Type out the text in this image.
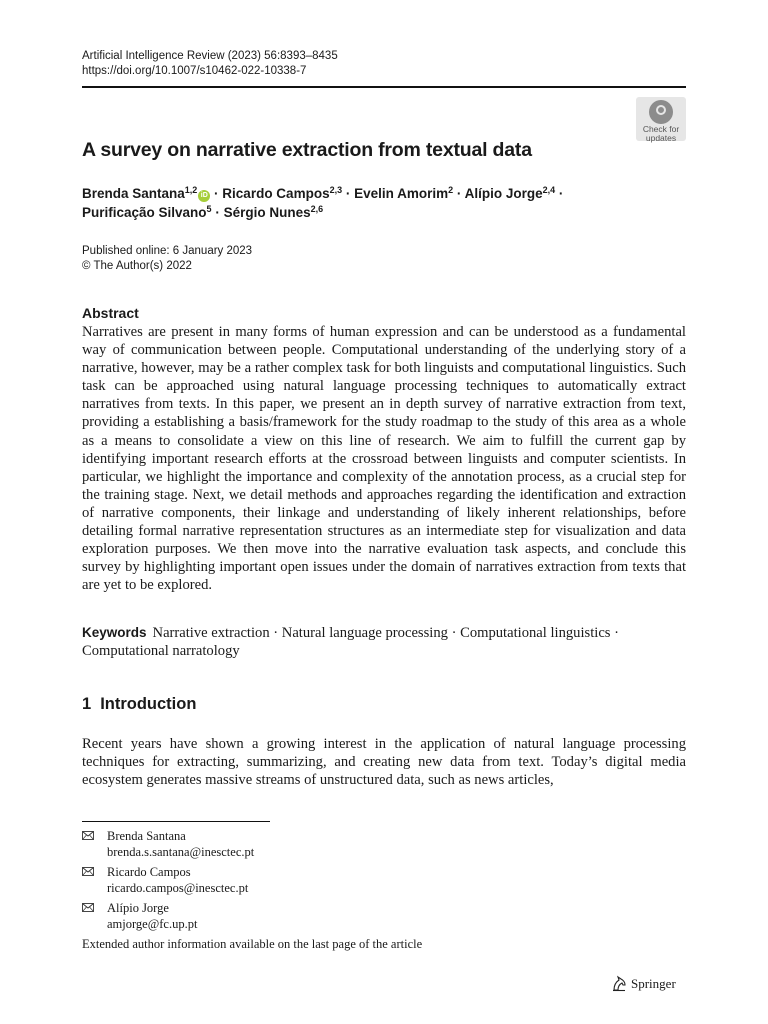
Artificial Intelligence Review (2023) 56:8393–8435
https://doi.org/10.1007/s10462-022-10338-7
Check for
updates
A survey on narrative extraction from textual data
Brenda Santana$^{1,2}$iD · Ricardo Campos$^{2,3}$ · Evelin Amorim$^2$ · Alípio Jorge$^{2,4}$ ·
Purificação Silvano$^5$ · Sérgio Nunes$^{2,6}$
Published online: 6 January 2023
© The Author(s) 2022
Abstract
Narratives are present in many forms of human expression and can be understood as a fundamental way of communication between people. Computational understanding of the underlying story of a narrative, however, may be a rather complex task for both linguists and computational linguistics. Such task can be approached using natural language processing techniques to automatically extract narratives from texts. In this paper, we present an in depth survey of narrative extraction from text, providing a establishing a basis/framework for the study roadmap to the study of this area as a whole as a means to consolidate a view on this line of research. We aim to fulfill the current gap by identifying important research efforts at the crossroad between linguists and computer scientists. In particular, we highlight the importance and complexity of the annotation process, as a crucial step for the training stage. Next, we detail methods and approaches regarding the identification and extraction of narrative components, their linkage and understanding of likely inherent relationships, before detailing formal narrative representation structures as an intermediate step for visualization and data exploration purposes. We then move into the narrative evaluation task aspects, and conclude this survey by highlighting important open issues under the domain of narratives extraction from texts that are yet to be explored.
Keywords Narrative extraction · Natural language processing · Computational linguistics · Computational narratology
1 Introduction
Recent years have shown a growing interest in the application of natural language processing techniques for extracting, summarizing, and creating new data from text. Today’s digital media ecosystem generates massive streams of unstructured data, such as news articles,
Brenda Santana
brenda.s.santana@inesctec.pt
Ricardo Campos
ricardo.campos@inesctec.pt
Alípio Jorge
amjorge@fc.up.pt
Extended author information available on the last page of the article
Springer
